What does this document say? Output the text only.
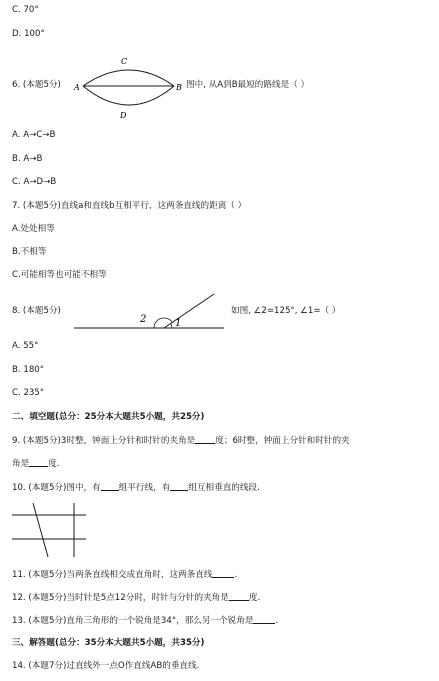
C. 70°
D. 100°
6. (本题5分) A	B
C
D
图中, 从A到B最短的路线是（ ）
A. A→C→B
B. A→B
C. A→D→B
7. (本题5分)直线a和直线b互相平行，这两条直线的距离（ ）
A.处处相等
B.不相等
C.可能相等也可能不相等
8. (本题5分)
2	1
如图, ∠2=125°, ∠1=（ ）
A. 55°
B. 180°
C. 235°
二、填空题(总分：25分本大题共5小题，共25分)
9. (本题5分)3时整，钟面上分针和时针的夹角是 度；6时整，钟面上分针和时针的夹
角是 度.
10. (本题5分)图中，有 组平行线，有 组互相垂直的线段.
11. (本题5分)当两条直线相交成直角时，这两条直线	.
12. (本题5分)当时针是5点12分时，时针与分针的夹角是 度.
13. (本题5分)直角三角形的一个锐角是34°，那么另一个锐角是	.
三、解答题(总分：35分本大题共5小题，共35分)
14. (本题7分)过直线外一点O作直线AB的垂直线.
